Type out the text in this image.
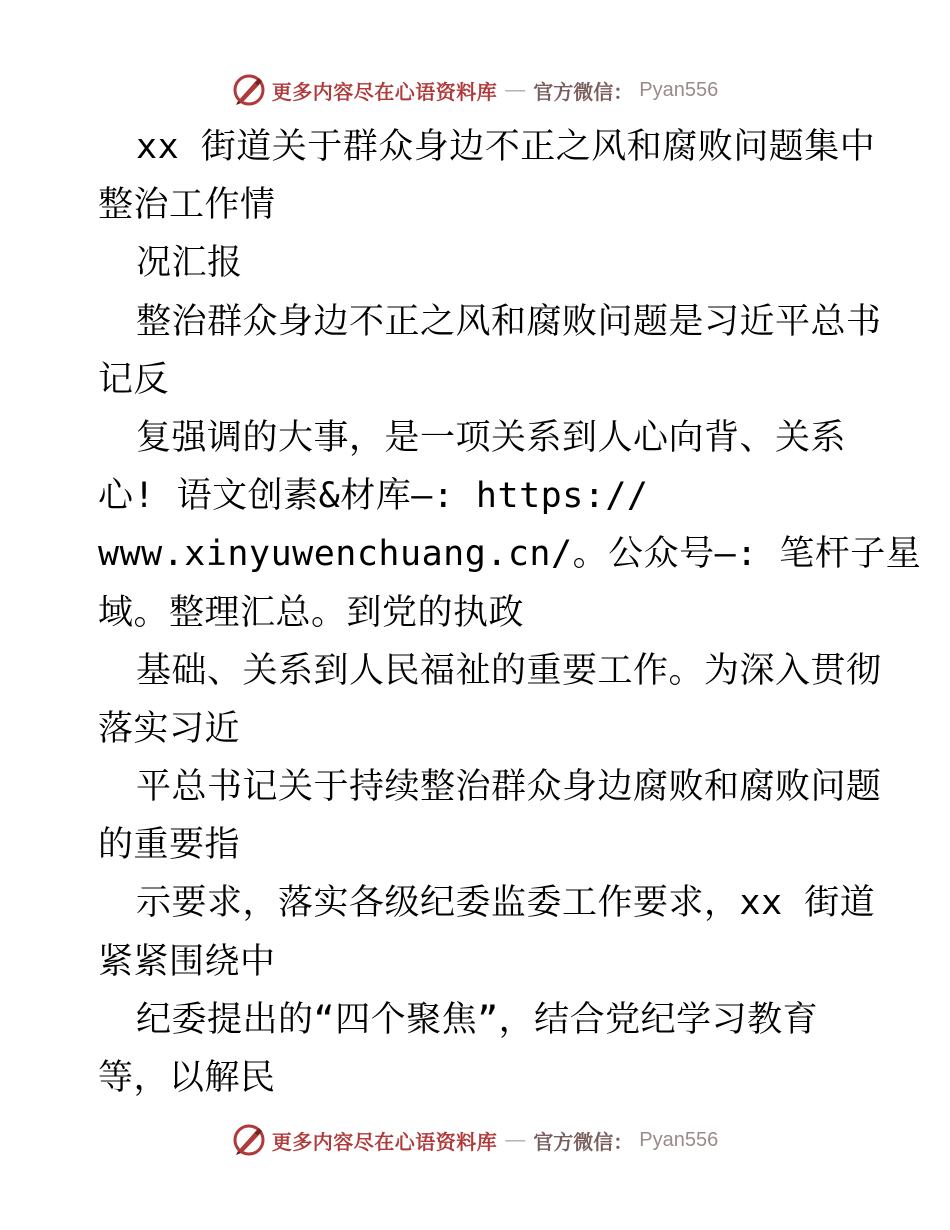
更多内容尽在心语资料库 — 官方微信： Pyan556
xx 街道关于群众身边不正之风和腐败问题集中
整治工作情
况汇报
整治群众身边不正之风和腐败问题是习近平总书
记反
复强调的大事，是一项关系到人心向背、关系
心! 语文创素&材库—: https://
www.xinyuwenchuang.cn/。公众号—: 笔杆子星
域。整理汇总。到党的执政
基础、关系到人民福祉的重要工作。为深入贯彻
落实习近
平总书记关于持续整治群众身边腐败和腐败问题
的重要指
示要求，落实各级纪委监委工作要求，xx 街道
紧紧围绕中
纪委提出的“四个聚焦”，结合党纪学习教育
等，以解民
更多内容尽在心语资料库 — 官方微信： Pyan556
